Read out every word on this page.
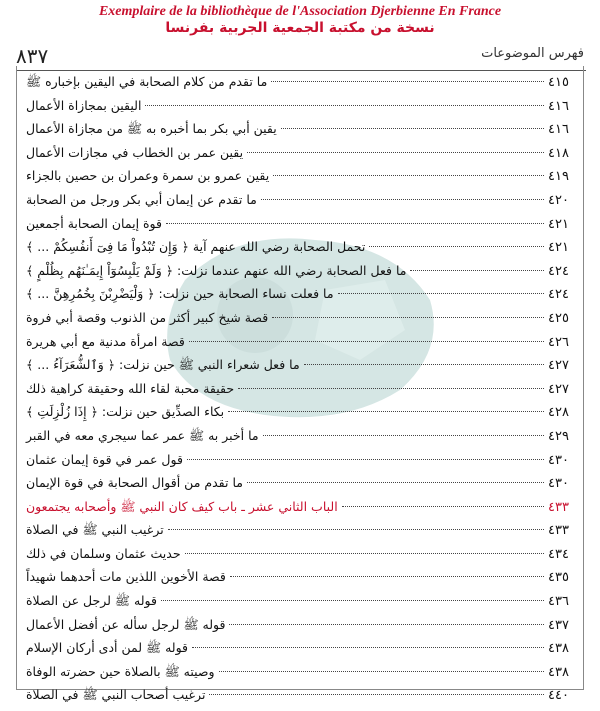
Exemplaire de la bibliothèque de l'Association Djerbienne En France
نسخة من مكتبة الجمعية الجربية بفرنسا
٨٣٧	فهرس الموضوعات
ما تقدم من كلام الصحابة في اليقين بإخباره ﷺ	٤١٥
اليقين بمجازاة الأعمال	٤١٦
يقين أبي بكر بما أخبره به ﷺ من مجازاة الأعمال	٤١٦
يقين عمر بن الخطاب في مجازات الأعمال	٤١٨
يقين عمرو بن سمرة وعمران بن حصين بالجزاء	٤١٩
ما تقدم عن إيمان أبي بكر ورجل من الصحابة	٤٢٠
قوة إيمان الصحابة أجمعين	٤٢١
تحمل الصحابة رضي الله عنهم آية ﴿ وَإِن تُبْدُواْ مَا فِىٓ أَنفُسِكُمْ ... ﴾	٤٢١
ما فعل الصحابة رضي الله عنهم عندما نزلت: ﴿ وَلَمْ يَلْبِسُوٓاْ إِيمَـٰنَهُم بِظُلْمٍ ﴾	٤٢٤
ما فعلت نساء الصحابة حين نزلت: ﴿ وَلْيَضْرِبْنَ بِخُمُرِهِنَّ ... ﴾	٤٢٤
قصة شيخ كبير أكثر من الذنوب وقصة أبي فروة	٤٢٥
قصة امرأة مدنية مع أبي هريرة	٤٢٦
ما فعل شعراء النبي ﷺ حين نزلت: ﴿ وَٱلشُّعَرَآءُ ... ﴾	٤٢٧
حقيقة محبة لقاء الله وحقيقة كراهية ذلك	٤٢٧
بكاء الصدِّيق حين نزلت: ﴿ إِذَا زُلْزِلَتِ ﴾	٤٢٨
ما أخبر به ﷺ عمر عما سيجري معه في القبر	٤٢٩
قول عمر في قوة إيمان عثمان	٤٣٠
ما تقدم من أقوال الصحابة في قوة الإيمان	٤٣٠
الباب الثاني عشر ـ باب كيف كان النبي ﷺ وأصحابه يجتمعون	٤٣٣
ترغيب النبي ﷺ في الصلاة	٤٣٣
حديث عثمان وسلمان في ذلك	٤٣٤
قصة الأخوين اللذين مات أحدهما شهيداً	٤٣٥
قوله ﷺ لرجل عن الصلاة	٤٣٦
قوله ﷺ لرجل سأله عن أفضل الأعمال	٤٣٧
قوله ﷺ لمن أدى أركان الإسلام	٤٣٨
وصيته ﷺ بالصلاة حين حضرته الوفاة	٤٣٨
ترغيب أصحاب النبي ﷺ في الصلاة	٤٤٠
